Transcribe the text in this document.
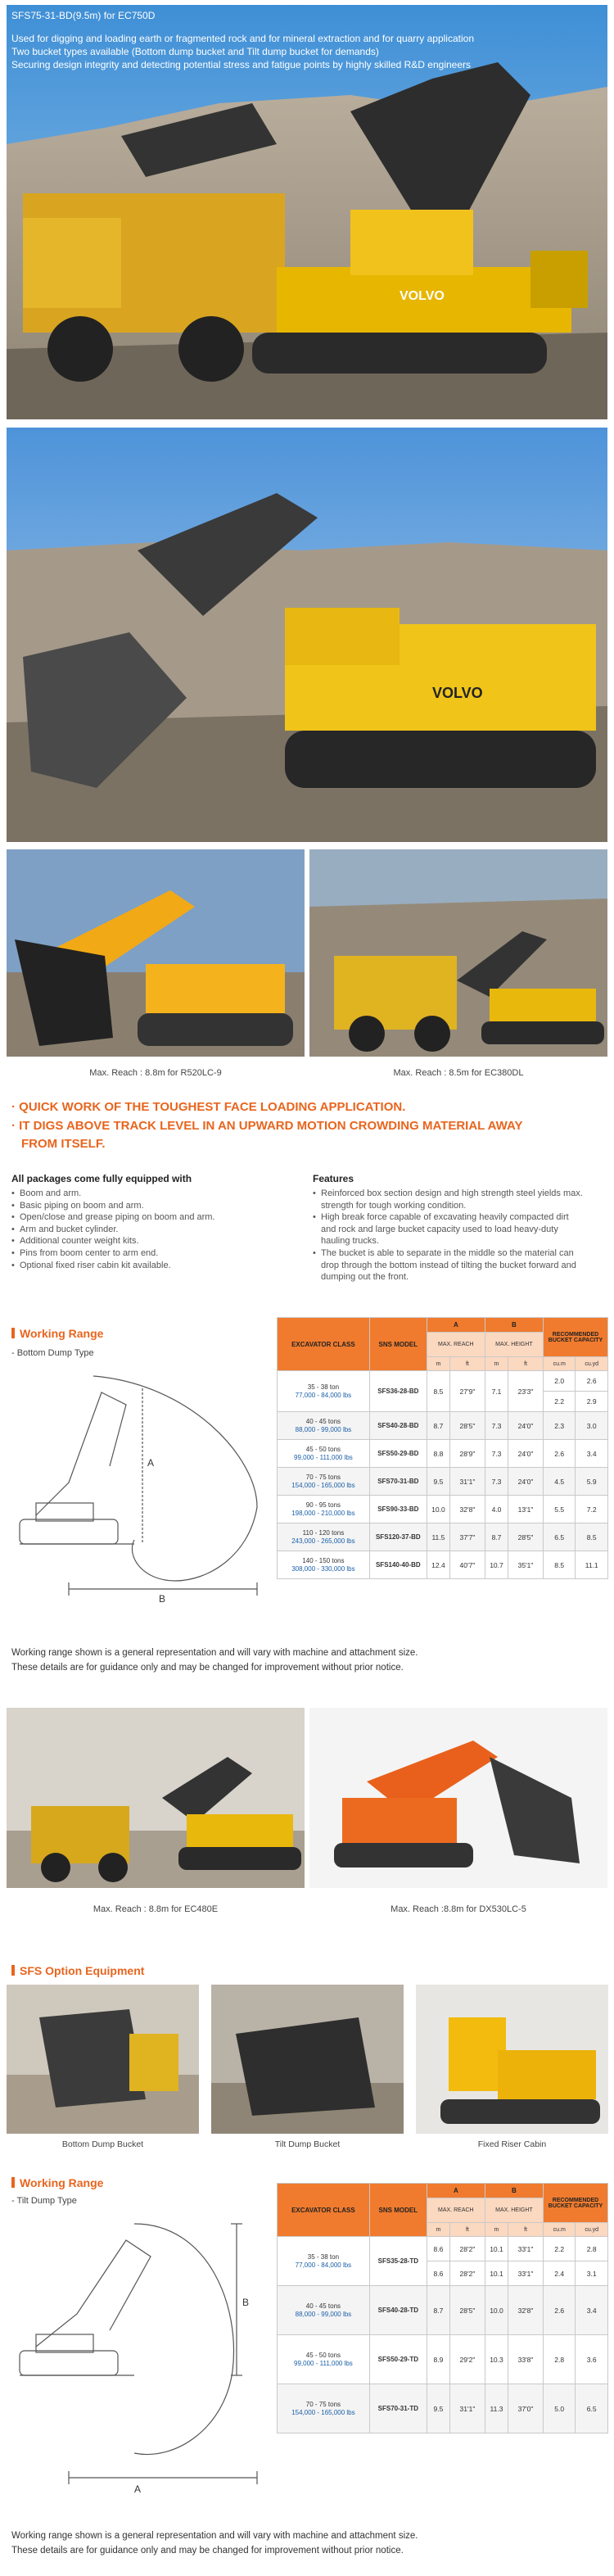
VOLVO
SFS75-31-BD(9.5m) for EC750D
Used for digging and loading earth or fragmented rock and for mineral extraction and for quarry application
Two bucket types available (Bottom dump bucket and Tilt dump bucket for demands)
Securing design integrity and detecting potential stress and fatigue points by highly skilled R&D engineers
VOLVO
Max. Reach : 8.8m for R520LC-9	Max. Reach : 8.5m for EC380DL
· QUICK WORK OF THE TOUGHEST FACE LOADING APPLICATION.
· IT DIGS ABOVE TRACK LEVEL IN AN UPWARD MOTION CROWDING MATERIAL AWAY
FROM ITSELF.
All packages come fully equipped with
• Boom and arm.
• Basic piping on boom and arm.
• Open/close and grease piping on boom and arm.
• Arm and bucket cylinder.
• Additional counter weight kits.
• Pins from boom center to arm end.
• Optional fixed riser cabin kit available.
Features
• Reinforced box section design and high strength steel yields max. strength for tough working condition.
• High break force capable of excavating heavily compacted dirt and rock and large bucket capacity used to load heavy-duty hauling trucks.
• The bucket is able to separate in the middle so the material can drop through the bottom instead of tilting the bucket forward and dumping out the front.
Working Range
- Bottom Dump Type
A
B
EXCAVATOR CLASS	SNS MODEL	A		B		RECOMMENDED BUCKET CAPACITY	
		MAX. REACH		MAX. HEIGHT			
		m	ft	m	ft	cu.m	cu.yd

35 - 38 ton
77,000 - 84,000 lbs	SFS36-28-BD	8.5	27'9"	7.1	23'3"	2.0	2.6
						2.2	2.9

40 - 45 tons
88,000 - 99,000 lbs	SFS40-28-BD	8.7	28'5"	7.3	24'0"	2.3	3.0

45 - 50 tons
99,000 - 111,000 lbs	SFS50-29-BD	8.8	28'9"	7.3	24'0"	2.6	3.4

70 - 75 tons
154,000 - 165,000 lbs	SFS70-31-BD	9.5	31'1"	7.3	24'0"	4.5	5.9

90 - 95 tons
198,000 - 210,000 lbs	SFS90-33-BD	10.0	32'8"	4.0	13'1"	5.5	7.2

110 - 120 tons
243,000 - 265,000 lbs	SFS120-37-BD	11.5	37'7"	8.7	28'5"	6.5	8.5

140 - 150 tons
308,000 - 330,000 lbs	SFS140-40-BD	12.4	40'7"	10.7	35'1"	8.5	11.1
Working range shown is a general representation and will vary with machine and attachment size.
These details are for guidance only and may be changed for improvement without prior notice.
Max. Reach : 8.8m for EC480E	Max. Reach :8.8m for DX530LC-5
SFS Option Equipment
Bottom Dump Bucket	Tilt Dump Bucket	Fixed Riser Cabin
Working Range
- Tilt Dump Type
B
A
EXCAVATOR CLASS	SNS MODEL	A		B		RECOMMENDED BUCKET CAPACITY	
		MAX. REACH		MAX. HEIGHT			
		m	ft	m	ft	cu.m	cu.yd

35 - 38 ton
77,000 - 84,000 lbs	SFS35-28-TD	8.6	28'2"	10.1	33'1"	2.2	2.8
		8.6	28'2"	10.1	33'1"	2.4	3.1

40 - 45 tons
88,000 - 99,000 lbs	SFS40-28-TD	8.7	28'5"	10.0	32'8"	2.6	3.4

45 - 50 tons
99,000 - 111,000 lbs	SFS50-29-TD	8.9	29'2"	10.3	33'8"	2.8	3.6

70 - 75 tons
154,000 - 165,000 lbs	SFS70-31-TD	9.5	31'1"	11.3	37'0"	5.0	6.5
Working range shown is a general representation and will vary with machine and attachment size.
These details are for guidance only and may be changed for improvement without prior notice.
